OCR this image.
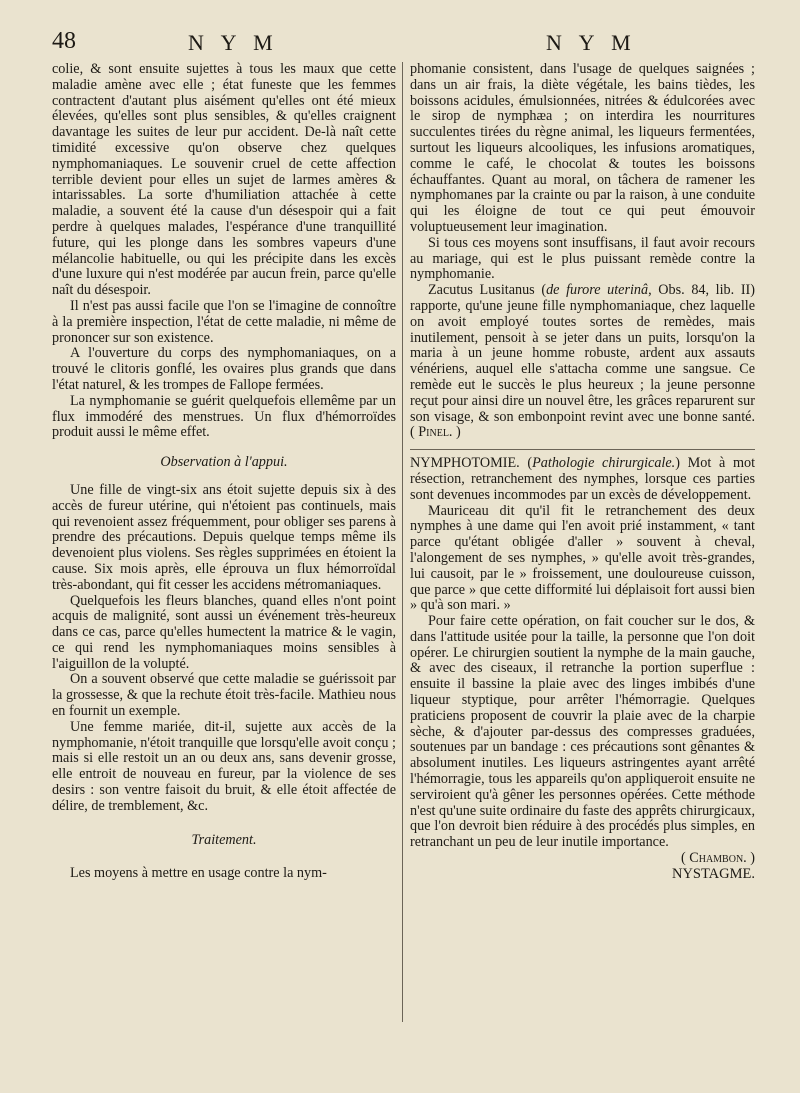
48	N Y M	N Y M

colie, & sont ensuite sujettes à tous les maux que cette maladie amène avec elle ; état funeste que les femmes contractent d'autant plus aisément qu'elles ont été mieux élevées, qu'elles sont plus sensibles, & qu'elles craignent davantage les suites de leur pur accident. De-là naît cette timidité excessive qu'on observe chez quelques nymphomaniaques. Le souvenir cruel de cette affection terrible devient pour elles un sujet de larmes amères & intarissables. La sorte d'humiliation attachée à cette maladie, a souvent été la cause d'un désespoir qui a fait perdre à quelques malades, l'espérance d'une tranquillité future, qui les plonge dans les sombres vapeurs d'une mélancolie habituelle, ou qui les précipite dans les excès d'une luxure qui n'est modérée par aucun frein, parce qu'elle naît du désespoir.

Il n'est pas aussi facile que l'on se l'imagine de connoître à la première inspection, l'état de cette maladie, ni même de prononcer sur son existence.

A l'ouverture du corps des nymphomaniaques, on a trouvé le clitoris gonflé, les ovaires plus grands que dans l'état naturel, & les trompes de Fallope fermées.

La nymphomanie se guérit quelquefois ellemême par un flux immodéré des menstrues. Un flux d'hémorroïdes produit aussi le même effet.

Observation à l'appui.

Une fille de vingt-six ans étoit sujette depuis six à des accès de fureur utérine, qui n'étoient pas continuels, mais qui revenoient assez fréquemment, pour obliger ses parens à prendre des précautions. Depuis quelque temps même ils devenoient plus violens. Ses règles supprimées en étoient la cause. Six mois après, elle éprouva un flux hémorroïdal très-abondant, qui fit cesser les accidens métromaniaques.

Quelquefois les fleurs blanches, quand elles n'ont point acquis de malignité, sont aussi un événement très-heureux dans ce cas, parce qu'elles humectent la matrice & le vagin, ce qui rend les nymphomaniaques moins sensibles à l'aiguillon de la volupté.

On a souvent observé que cette maladie se guérissoit par la grossesse, & que la rechute étoit très-facile. Mathieu nous en fournit un exemple.

Une femme mariée, dit-il, sujette aux accès de la nymphomanie, n'étoit tranquille que lorsqu'elle avoit conçu ; mais si elle restoit un an ou deux ans, sans devenir grosse, elle entroit de nouveau en fureur, par la violence de ses desirs : son ventre faisoit du bruit, & elle étoit affectée de délire, de tremblement, &c.

Traitement.

Les moyens à mettre en usage contre la nym-

phomanie consistent, dans l'usage de quelques saignées ; dans un air frais, la diète végétale, les bains tièdes, les boissons acidules, émulsionnées, nitrées & édulcorées avec le sirop de nymphæa ; on interdira les nourritures succulentes tirées du règne animal, les liqueurs fermentées, surtout les liqueurs alcooliques, les infusions aromatiques, comme le café, le chocolat & toutes les boissons échauffantes. Quant au moral, on tâchera de ramener les nymphomanes par la crainte ou par la raison, à une conduite qui les éloigne de tout ce qui peut émouvoir voluptueusement leur imagination.

Si tous ces moyens sont insuffisans, il faut avoir recours au mariage, qui est le plus puissant remède contre la nymphomanie.

Zacutus Lusitanus (de furore uterinâ, Obs. 84, lib. II) rapporte, qu'une jeune fille nymphomaniaque, chez laquelle on avoit employé toutes sortes de remèdes, mais inutilement, pensoit à se jeter dans un puits, lorsqu'on la maria à un jeune homme robuste, ardent aux assauts vénériens, auquel elle s'attacha comme une sangsue. Ce remède eut le succès le plus heureux ; la jeune personne reçut pour ainsi dire un nouvel être, les grâces reparurent sur son visage, & son embonpoint revint avec une bonne santé. ( Pinel. )

NYMPHOTOMIE. (Pathologie chirurgicale.) Mot à mot résection, retranchement des nymphes, lorsque ces parties sont devenues incommodes par un excès de développement.

Mauriceau dit qu'il fit le retranchement des deux nymphes à une dame qui l'en avoit prié instamment, « tant parce qu'étant obligée d'aller » souvent à cheval, l'alongement de ses nymphes, » qu'elle avoit très-grandes, lui causoit, par le » froissement, une douloureuse cuisson, que parce » que cette difformité lui déplaisoit fort aussi bien » qu'à son mari. »

Pour faire cette opération, on fait coucher sur le dos, & dans l'attitude usitée pour la taille, la personne que l'on doit opérer. Le chirurgien soutient la nymphe de la main gauche, & avec des ciseaux, il retranche la portion superflue : ensuite il bassine la plaie avec des linges imbibés d'une liqueur styptique, pour arrêter l'hémorragie. Quelques praticiens proposent de couvrir la plaie avec de la charpie sèche, & d'ajouter par-dessus des compresses graduées, soutenues par un bandage : ces précautions sont gênantes & absolument inutiles. Les liqueurs astringentes ayant arrêté l'hémorragie, tous les appareils qu'on appliqueroit ensuite ne serviroient qu'à gêner les personnes opérées. Cette méthode n'est qu'une suite ordinaire du faste des apprêts chirurgicaux, que l'on devroit bien réduire à des procédés plus simples, en retranchant un peu de leur inutile importance.

( Chambon. )

NYSTAGME.
